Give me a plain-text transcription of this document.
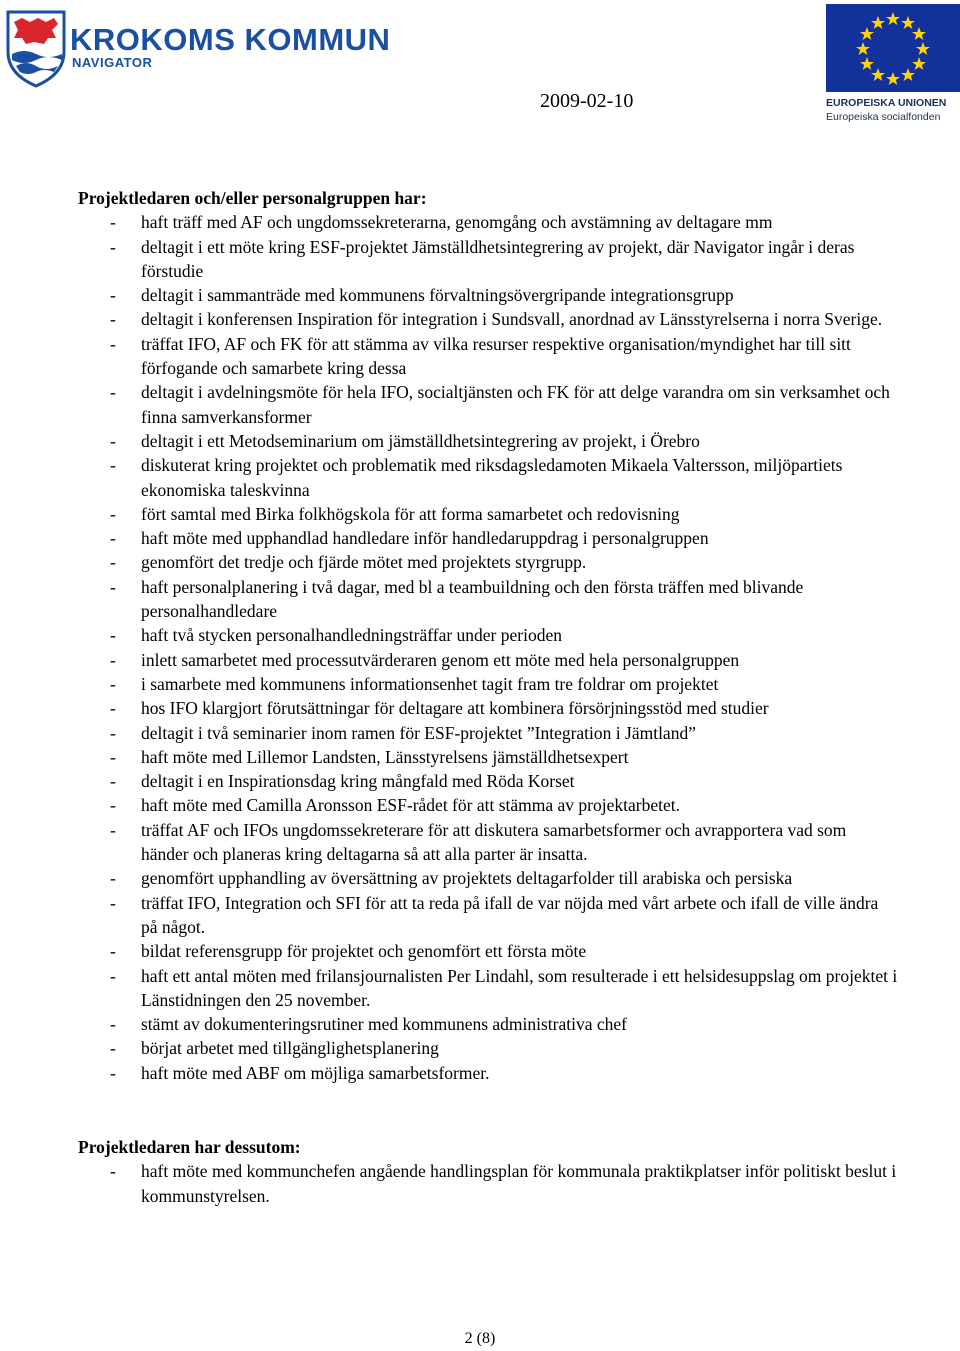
KROKOMS KOMMUN
NAVIGATOR
2009-02-10	EUROPEISKA UNIONEN
Europeiska socialfonden

Projektledaren och/eller personalgruppen har:

- haft träff med AF och ungdomssekreterarna, genomgång och avstämning av deltagare mm

- deltagit i ett möte kring ESF-projektet Jämställdhetsintegrering av projekt, där Navigator ingår i deras förstudie

- deltagit i sammanträde med kommunens förvaltningsövergripande integrationsgrupp

- deltagit i konferensen Inspiration för integration i Sundsvall, anordnad av Länsstyrelserna i norra Sverige.

- träffat IFO, AF och FK för att stämma av vilka resurser respektive organisation/myndighet har till sitt förfogande och samarbete kring dessa

- deltagit i avdelningsmöte för hela IFO, socialtjänsten och FK för att delge varandra om sin verksamhet och finna samverkansformer

- deltagit i ett Metodseminarium om jämställdhetsintegrering av projekt, i Örebro

- diskuterat kring projektet och problematik med riksdagsledamoten Mikaela Valtersson, miljöpartiets ekonomiska taleskvinna

- fört samtal med Birka folkhögskola för att forma samarbetet och redovisning

- haft möte med upphandlad handledare inför handledaruppdrag i personalgruppen

- genomfört det tredje och fjärde mötet med projektets styrgrupp.

- haft personalplanering i två dagar, med bl a teambuildning och den första träffen med blivande personalhandledare

- haft två stycken personalhandledningsträffar under perioden

- inlett samarbetet med processutvärderaren genom ett möte med hela personalgruppen

- i samarbete med kommunens informationsenhet tagit fram tre foldrar om projektet

- hos IFO klargjort förutsättningar för deltagare att kombinera försörjningsstöd med studier

- deltagit i två seminarier inom ramen för ESF-projektet ”Integration i Jämtland”

- haft möte med Lillemor Landsten, Länsstyrelsens jämställdhetsexpert

- deltagit i en Inspirationsdag kring mångfald med Röda Korset

- haft möte med Camilla Aronsson ESF-rådet för att stämma av projektarbetet.

- träffat AF och IFOs ungdomssekreterare för att diskutera samarbetsformer och avrapportera vad som händer och planeras kring deltagarna så att alla parter är insatta.

- genomfört upphandling av översättning av projektets deltagarfolder till arabiska och persiska

- träffat IFO, Integration och SFI för att ta reda på ifall de var nöjda med vårt arbete och ifall de ville ändra på något.

- bildat referensgrupp för projektet och genomfört ett första möte

- haft ett antal möten med frilansjournalisten Per Lindahl, som resulterade i ett helsidesuppslag om projektet i Länstidningen den 25 november.

- stämt av dokumenteringsrutiner med kommunens administrativa chef

- börjat arbetet med tillgänglighetsplanering

- haft möte med ABF om möjliga samarbetsformer.

Projektledaren har dessutom:

- haft möte med kommunchefen angående handlingsplan för kommunala praktikplatser inför politiskt beslut i kommunstyrelsen.

2 (8)
